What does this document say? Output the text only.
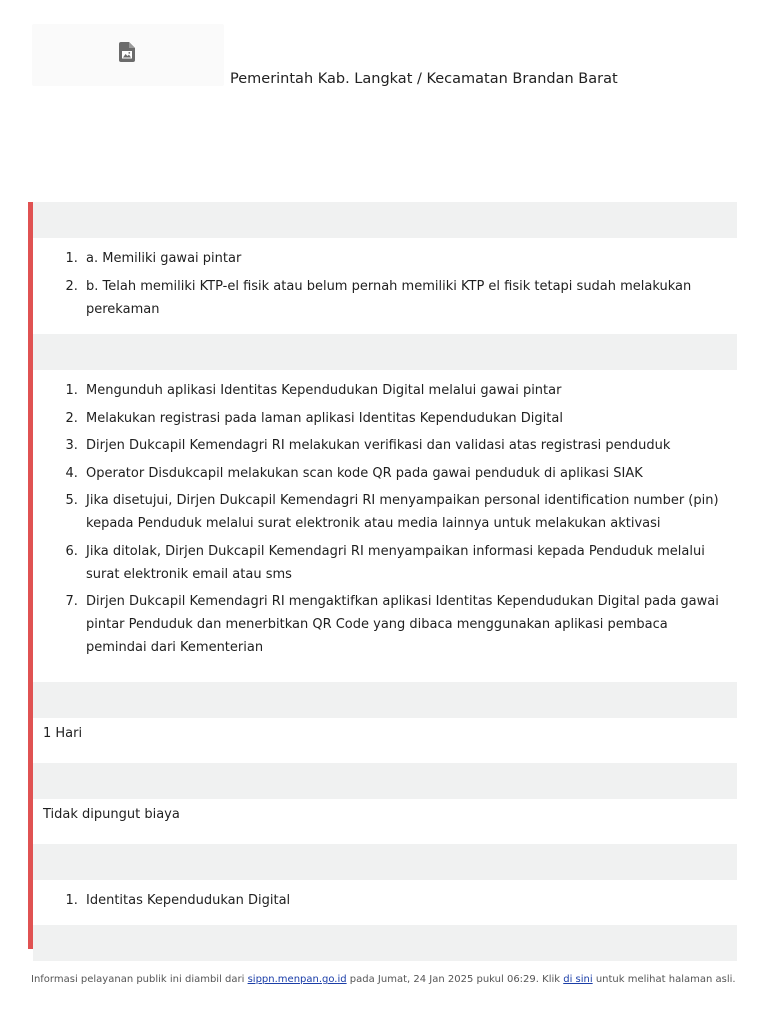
Pemerintah Kab. Langkat / Kecamatan Brandan Barat
1. a. Memiliki gawai pintar
2. b. Telah memiliki KTP-el fisik atau belum pernah memiliki KTP el fisik tetapi sudah melakukan perekaman
1. Mengunduh aplikasi Identitas Kependudukan Digital melalui gawai pintar
2. Melakukan registrasi pada laman aplikasi Identitas Kependudukan Digital
3. Dirjen Dukcapil Kemendagri RI melakukan verifikasi dan validasi atas registrasi penduduk
4. Operator Disdukcapil melakukan scan kode QR pada gawai penduduk di aplikasi SIAK
5. Jika disetujui, Dirjen Dukcapil Kemendagri RI menyampaikan personal identification number (pin) kepada Penduduk melalui surat elektronik atau media lainnya untuk melakukan aktivasi
6. Jika ditolak, Dirjen Dukcapil Kemendagri RI menyampaikan informasi kepada Penduduk melalui surat elektronik email atau sms
7. Dirjen Dukcapil Kemendagri RI mengaktifkan aplikasi Identitas Kependudukan Digital pada gawai pintar Penduduk dan menerbitkan QR Code yang dibaca menggunakan aplikasi pembaca pemindai dari Kementerian
1 Hari
Tidak dipungut biaya
1. Identitas Kependudukan Digital
Informasi pelayanan publik ini diambil dari sippn.menpan.go.id pada Jumat, 24 Jan 2025 pukul 06:29. Klik di sini untuk melihat halaman asli.
